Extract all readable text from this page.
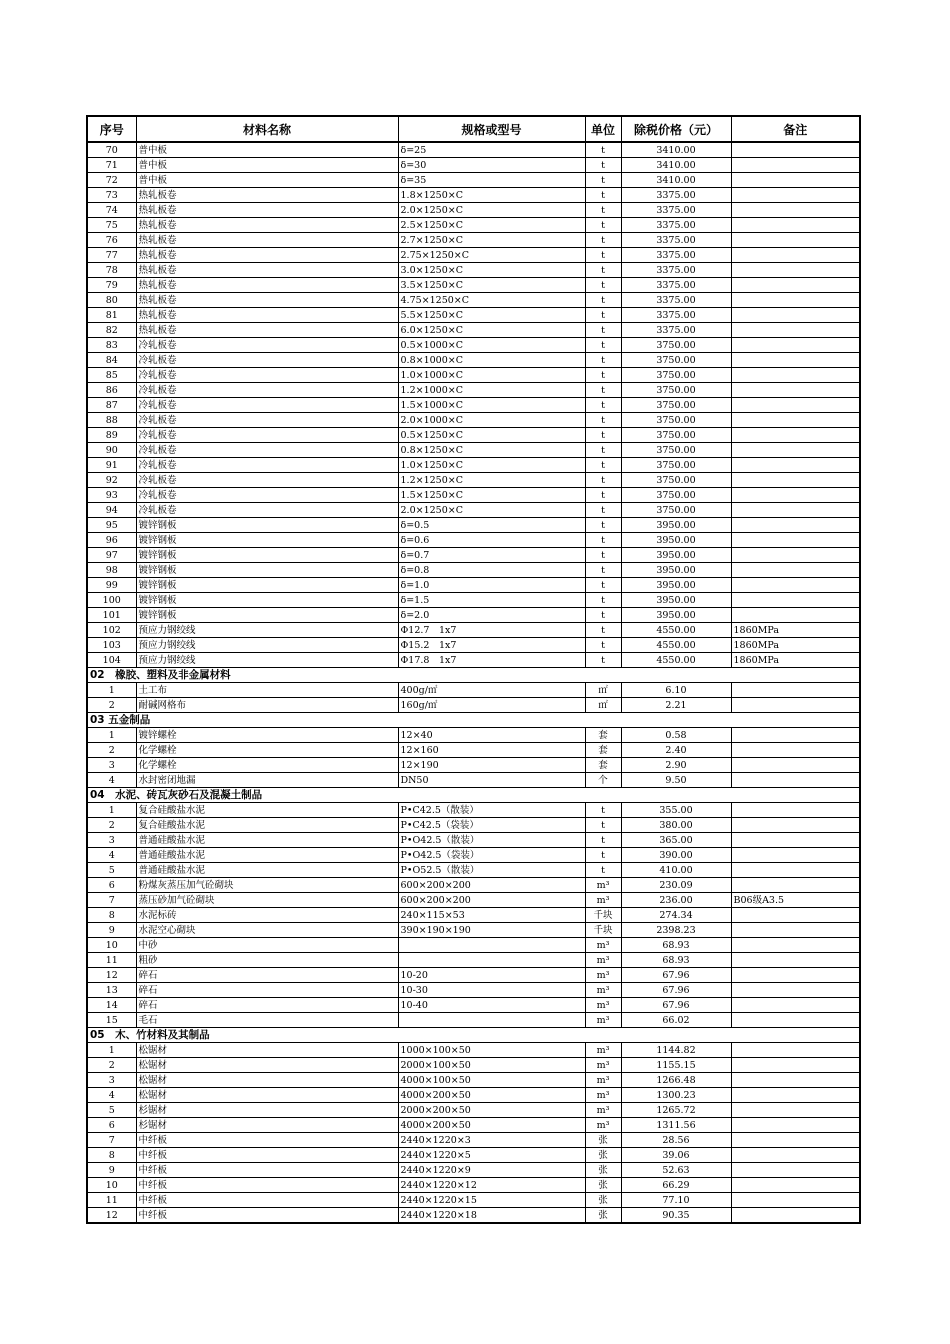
序号	材料名称	规格或型号	单位	除税价格（元）	备注
70	普中板	δ=25	t	3410.00	
71	普中板	δ=30	t	3410.00	
72	普中板	δ=35	t	3410.00	
73	热轧板卷	1.8×1250×C	t	3375.00	
74	热轧板卷	2.0×1250×C	t	3375.00	
75	热轧板卷	2.5×1250×C	t	3375.00	
76	热轧板卷	2.7×1250×C	t	3375.00	
77	热轧板卷	2.75×1250×C	t	3375.00	
78	热轧板卷	3.0×1250×C	t	3375.00	
79	热轧板卷	3.5×1250×C	t	3375.00	
80	热轧板卷	4.75×1250×C	t	3375.00	
81	热轧板卷	5.5×1250×C	t	3375.00	
82	热轧板卷	6.0×1250×C	t	3375.00	
83	冷轧板卷	0.5×1000×C	t	3750.00	
84	冷轧板卷	0.8×1000×C	t	3750.00	
85	冷轧板卷	1.0×1000×C	t	3750.00	
86	冷轧板卷	1.2×1000×C	t	3750.00	
87	冷轧板卷	1.5×1000×C	t	3750.00	
88	冷轧板卷	2.0×1000×C	t	3750.00	
89	冷轧板卷	0.5×1250×C	t	3750.00	
90	冷轧板卷	0.8×1250×C	t	3750.00	
91	冷轧板卷	1.0×1250×C	t	3750.00	
92	冷轧板卷	1.2×1250×C	t	3750.00	
93	冷轧板卷	1.5×1250×C	t	3750.00	
94	冷轧板卷	2.0×1250×C	t	3750.00	
95	镀锌钢板	δ=0.5	t	3950.00	
96	镀锌钢板	δ=0.6	t	3950.00	
97	镀锌钢板	δ=0.7	t	3950.00	
98	镀锌钢板	δ=0.8	t	3950.00	
99	镀锌钢板	δ=1.0	t	3950.00	
100	镀锌钢板	δ=1.5	t	3950.00	
101	镀锌钢板	δ=2.0	t	3950.00	
102	预应力钢绞线	Φ12.7　1x7	t	4550.00	1860MPa
103	预应力钢绞线	Φ15.2　1x7	t	4550.00	1860MPa
104	预应力钢绞线	Φ17.8　1x7	t	4550.00	1860MPa
02　橡胶、塑料及非金属材料					
1	土工布	400g/㎡	㎡	6.10	
2	耐碱网格布	160g/㎡	㎡	2.21	
03 五金制品					
1	镀锌螺栓	12×40	套	0.58	
2	化学螺栓	12×160	套	2.40	
3	化学螺栓	12×190	套	2.90	
4	水封密闭地漏	DN50	个	9.50	
04　水泥、砖瓦灰砂石及混凝土制品					
1	复合硅酸盐水泥	P•C42.5（散装）	t	355.00	
2	复合硅酸盐水泥	P•C42.5（袋装）	t	380.00	
3	普通硅酸盐水泥	P•O42.5（散装）	t	365.00	
4	普通硅酸盐水泥	P•O42.5（袋装）	t	390.00	
5	普通硅酸盐水泥	P•O52.5（散装）	t	410.00	
6	粉煤灰蒸压加气砼砌块	600×200×200	m³	230.09	
7	蒸压砂加气砼砌块	600×200×200	m³	236.00	B06级A3.5
8	水泥标砖	240×115×53	千块	274.34	
9	水泥空心砌块	390×190×190	千块	2398.23	
10	中砂		m³	68.93	
11	粗砂		m³	68.93	
12	碎石	10-20	m³	67.96	
13	碎石	10-30	m³	67.96	
14	碎石	10-40	m³	67.96	
15	毛石		m³	66.02	
05　木、竹材料及其制品					
1	松锯材	1000×100×50	m³	1144.82	
2	松锯材	2000×100×50	m³	1155.15	
3	松锯材	4000×100×50	m³	1266.48	
4	松锯材	4000×200×50	m³	1300.23	
5	杉锯材	2000×200×50	m³	1265.72	
6	杉锯材	4000×200×50	m³	1311.56	
7	中纤板	2440×1220×3	张	28.56	
8	中纤板	2440×1220×5	张	39.06	
9	中纤板	2440×1220×9	张	52.63	
10	中纤板	2440×1220×12	张	66.29	
11	中纤板	2440×1220×15	张	77.10	
12	中纤板	2440×1220×18	张	90.35	
